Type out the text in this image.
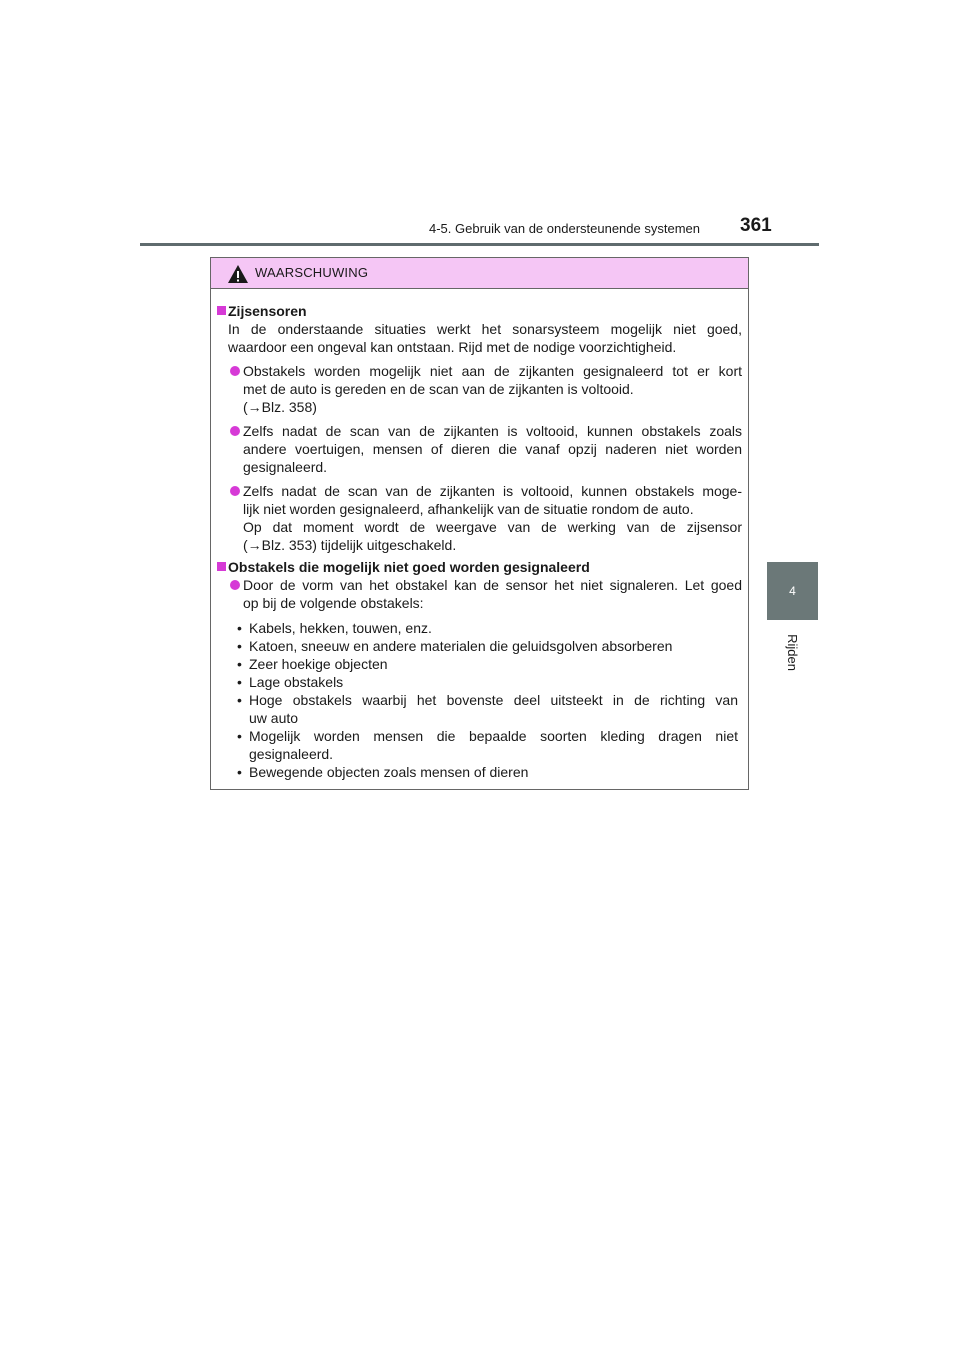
4-5. Gebruik van de ondersteunende systemen 361
4
Rijden
WAARSCHUWING
Zijsensoren
In de onderstaande situaties werkt het sonarsysteem mogelijk niet goed,
waardoor een ongeval kan ontstaan. Rijd met de nodige voorzichtigheid.
Obstakels worden mogelijk niet aan de zijkanten gesignaleerd tot er kort
met de auto is gereden en de scan van de zijkanten is voltooid.
(→Blz. 358)
Zelfs nadat de scan van de zijkanten is voltooid, kunnen obstakels zoals
andere voertuigen, mensen of dieren die vanaf opzij naderen niet worden
gesignaleerd.
Zelfs nadat de scan van de zijkanten is voltooid, kunnen obstakels moge-
lijk niet worden gesignaleerd, afhankelijk van de situatie rondom de auto.
Op dat moment wordt de weergave van de werking van de zijsensor
(→Blz. 353) tijdelijk uitgeschakeld.
Obstakels die mogelijk niet goed worden gesignaleerd
Door de vorm van het obstakel kan de sensor het niet signaleren. Let goed
op bij de volgende obstakels:
• Kabels, hekken, touwen, enz.
• Katoen, sneeuw en andere materialen die geluidsgolven absorberen
• Zeer hoekige objecten
• Lage obstakels
• Hoge obstakels waarbij het bovenste deel uitsteekt in de richting van
uw auto
• Mogelijk worden mensen die bepaalde soorten kleding dragen niet
gesignaleerd.
• Bewegende objecten zoals mensen of dieren
